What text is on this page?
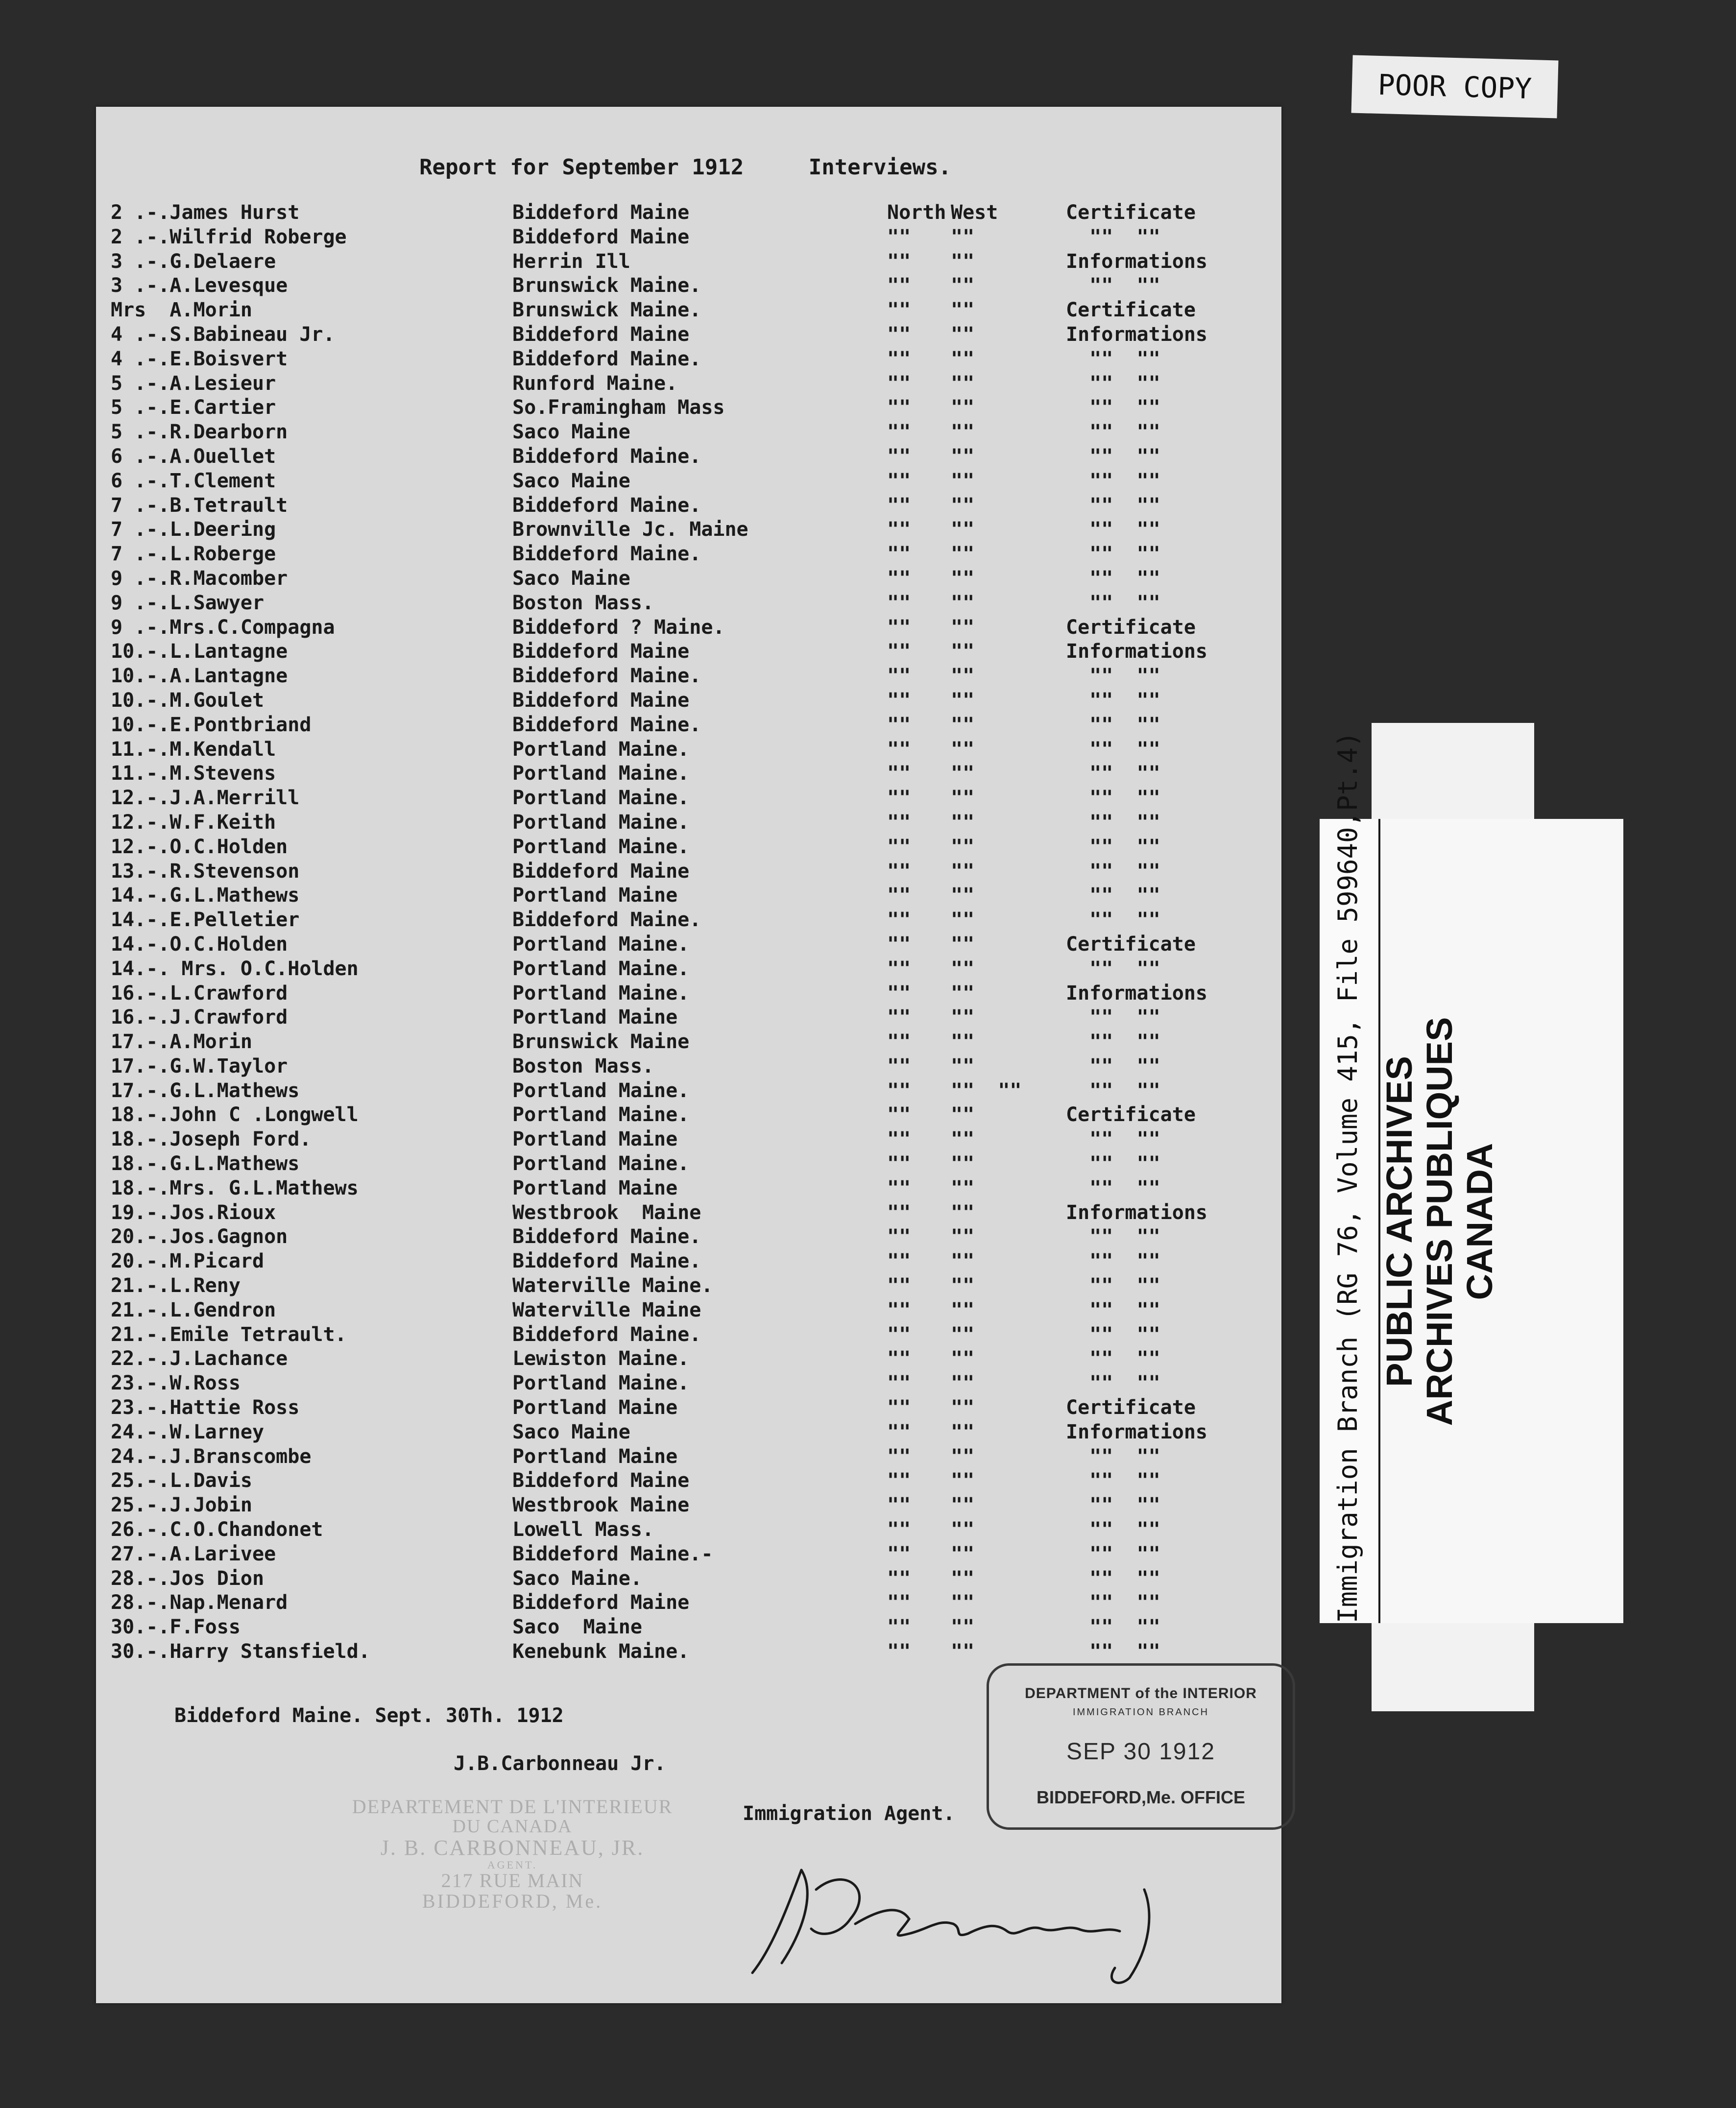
POOR COPY
Immigration Branch (RG 76, Volume 415, File 599640,Pt.4) PUBLIC ARCHIVES ARCHIVES PUBLIQUES CANADA
Report for September 1912     Interviews.
2 .-.James Hurst	Biddeford Maine	North West	Certificate
2 .-.Wilfrid Roberge	Biddeford Maine	"" ""	""  ""
3 .-.G.Delaere	Herrin Ill	"" ""	Informations
3 .-.A.Levesque	Brunswick Maine.	"" ""	""  ""
Mrs  A.Morin	Brunswick Maine.	"" ""	Certificate
4 .-.S.Babineau Jr.	Biddeford Maine	"" ""	Informations
4 .-.E.Boisvert	Biddeford Maine.	"" ""	""  ""
5 .-.A.Lesieur	Runford Maine.	"" ""	""  ""
5 .-.E.Cartier	So.Framingham Mass	"" ""	""  ""
5 .-.R.Dearborn	Saco Maine	"" ""	""  ""
6 .-.A.Ouellet	Biddeford Maine.	"" ""	""  ""
6 .-.T.Clement	Saco Maine	"" ""	""  ""
7 .-.B.Tetrault	Biddeford Maine.	"" ""	""  ""
7 .-.L.Deering	Brownville Jc. Maine	"" ""	""  ""
7 .-.L.Roberge	Biddeford Maine.	"" ""	""  ""
9 .-.R.Macomber	Saco Maine	"" ""	""  ""
9 .-.L.Sawyer	Boston Mass.	"" ""	""  ""
9 .-.Mrs.C.Compagna	Biddeford ? Maine.	"" ""	Certificate
10.-.L.Lantagne	Biddeford Maine	"" ""	Informations
10.-.A.Lantagne	Biddeford Maine.	"" ""	""  ""
10.-.M.Goulet	Biddeford Maine	"" ""	""  ""
10.-.E.Pontbriand	Biddeford Maine.	"" ""	""  ""
11.-.M.Kendall	Portland Maine.	"" ""	""  ""
11.-.M.Stevens	Portland Maine.	"" ""	""  ""
12.-.J.A.Merrill	Portland Maine.	"" ""	""  ""
12.-.W.F.Keith	Portland Maine.	"" ""	""  ""
12.-.O.C.Holden	Portland Maine.	"" ""	""  ""
13.-.R.Stevenson	Biddeford Maine	"" ""	""  ""
14.-.G.L.Mathews	Portland Maine	"" ""	""  ""
14.-.E.Pelletier	Biddeford Maine.	"" ""	""  ""
14.-.O.C.Holden	Portland Maine.	"" ""	Certificate
14.-. Mrs. O.C.Holden	Portland Maine.	"" ""	""  ""
16.-.L.Crawford	Portland Maine.	"" ""	Informations
16.-.J.Crawford	Portland Maine	"" ""	""  ""
17.-.A.Morin	Brunswick Maine	"" ""	""  ""
17.-.G.W.Taylor	Boston Mass.	"" ""	""  ""
17.-.G.L.Mathews	Portland Maine.	"" ""  "" ""  ""
18.-.John C .Longwell	Portland Maine.	"" ""	Certificate
18.-.Joseph Ford.	Portland Maine	"" ""	""  ""
18.-.G.L.Mathews	Portland Maine.	"" ""	""  ""
18.-.Mrs. G.L.Mathews	Portland Maine	"" ""	""  ""
19.-.Jos.Rioux	Westbrook  Maine	"" ""	Informations
20.-.Jos.Gagnon	Biddeford Maine.	"" ""	""  ""
20.-.M.Picard	Biddeford Maine.	"" ""	""  ""
21.-.L.Reny	Waterville Maine.	"" ""	""  ""
21.-.L.Gendron	Waterville Maine	"" ""	""  ""
21.-.Emile Tetrault.	Biddeford Maine.	"" ""	""  ""
22.-.J.Lachance	Lewiston Maine.	"" ""	""  ""
23.-.W.Ross	Portland Maine.	"" ""	""  ""
23.-.Hattie Ross	Portland Maine	"" ""	Certificate
24.-.W.Larney	Saco Maine	"" ""	Informations
24.-.J.Branscombe	Portland Maine	"" ""	""  ""
25.-.L.Davis	Biddeford Maine	"" ""	""  ""
25.-.J.Jobin	Westbrook Maine	"" ""	""  ""
26.-.C.O.Chandonet	Lowell Mass.	"" ""	""  ""
27.-.A.Larivee	Biddeford Maine.-	"" ""	""  ""
28.-.Jos Dion	Saco Maine.	"" ""	""  ""
28.-.Nap.Menard	Biddeford Maine	"" ""	""  ""
30.-.F.Foss	Saco  Maine	"" ""	""  ""
30.-.Harry Stansfield.	Kenebunk Maine.	"" ""	""  ""
Biddeford Maine. Sept. 30Th. 1912
J.B.Carbonneau Jr.
DEPARTEMENT DE L'INTERIEUR
DU CANADA
J. B. CARBONNEAU, JR.
AGENT.
217 RUE MAIN
BIDDEFORD, Me.
Immigration Agent.
DEPARTMENT of the INTERIOR
IMMIGRATION BRANCH
SEP 30 1912
BIDDEFORD,Me. OFFICE
